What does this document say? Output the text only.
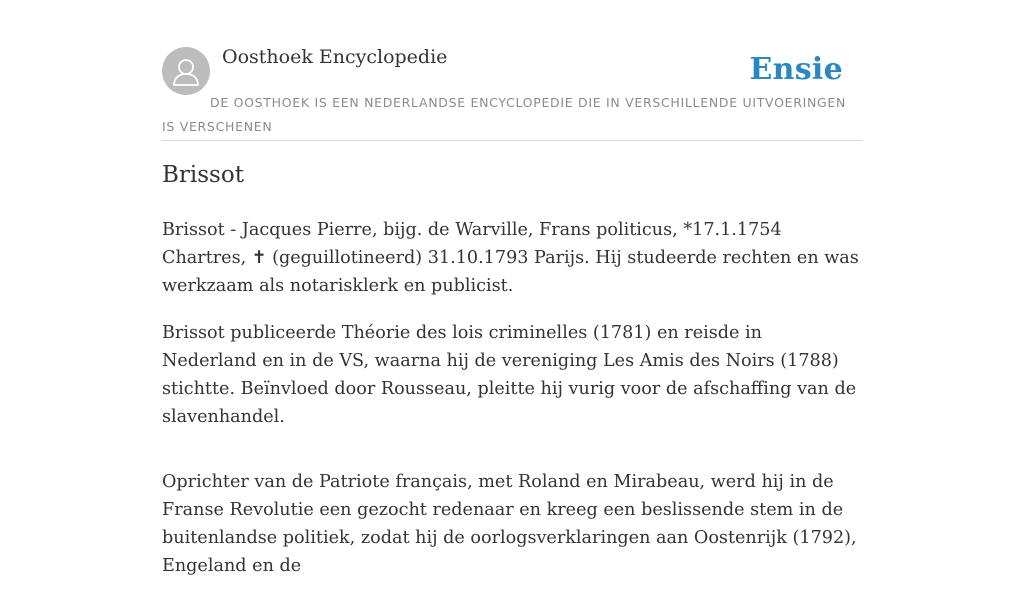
Oosthoek Encyclopedie	Ensie
DE OOSTHOEK IS EEN NEDERLANDSE ENCYCLOPEDIE DIE IN VERSCHILLENDE UITVOERINGEN IS VERSCHENEN
Brissot

Brissot - Jacques Pierre, bijg. de Warville, Frans politicus, *17.1.1754 Chartres, ✝ (geguillotineerd) 31.10.1793 Parijs. Hij studeerde rechten en was werkzaam als notarisklerk en publicist.

Brissot publiceerde Théorie des lois criminelles (1781) en reisde in Nederland en in de VS, waarna hij de vereniging Les Amis des Noirs (1788) stichtte. Beïnvloed door Rousseau, pleitte hij vurig voor de afschaffing van de slavenhandel.

Oprichter van de Patriote français, met Roland en Mirabeau, werd hij in de Franse Revolutie een gezocht redenaar en kreeg een beslissende stem in de buitenlandse politiek, zodat hij de oorlogsverklaringen aan Oostenrijk (1792), Engeland en de
